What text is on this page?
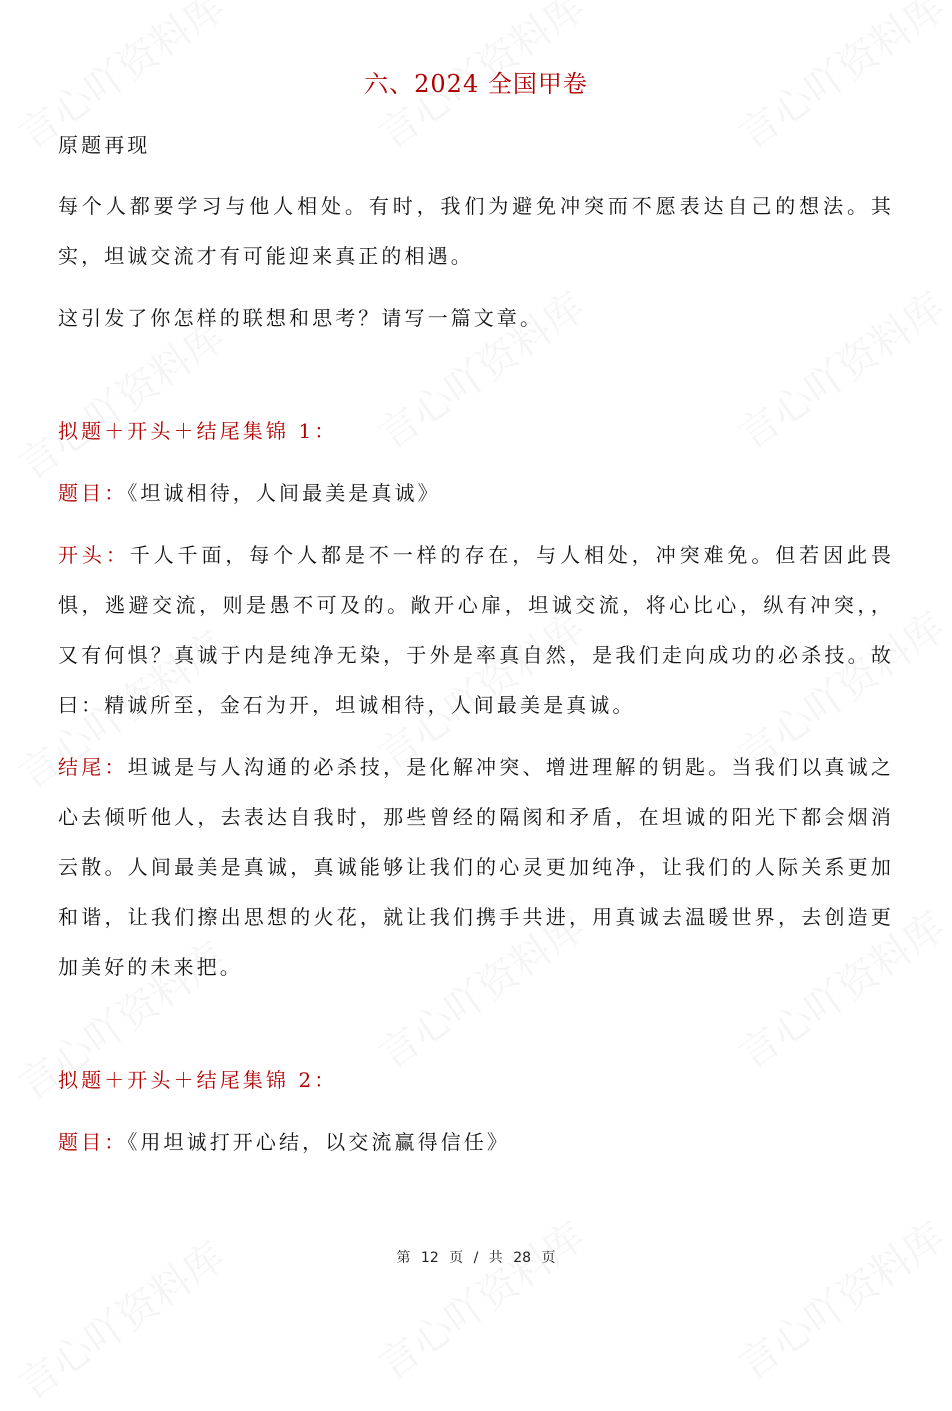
六、2024 全国甲卷
原题再现
每个人都要学习与他人相处。有时，我们为避免冲突而不愿表达自己的想法。其实，坦诚交流才有可能迎来真正的相遇。
这引发了你怎样的联想和思考？请写一篇文章。
拟题＋开头＋结尾集锦 1：
题目：《坦诚相待，人间最美是真诚》
开头：千人千面，每个人都是不一样的存在，与人相处，冲突难免。但若因此畏惧，逃避交流，则是愚不可及的。敞开心扉，坦诚交流，将心比心，纵有冲突，，又有何惧？真诚于内是纯净无染，于外是率真自然，是我们走向成功的必杀技。故曰：精诚所至，金石为开，坦诚相待，人间最美是真诚。
结尾：坦诚是与人沟通的必杀技，是化解冲突、增进理解的钥匙。当我们以真诚之心去倾听他人，去表达自我时，那些曾经的隔阂和矛盾，在坦诚的阳光下都会烟消云散。人间最美是真诚，真诚能够让我们的心灵更加纯净，让我们的人际关系更加和谐，让我们擦出思想的火花，就让我们携手共进，用真诚去温暖世界，去创造更加美好的未来把。
拟题＋开头＋结尾集锦 2：
题目：《用坦诚打开心结，以交流赢得信任》
第 12 页 / 共 28 页
